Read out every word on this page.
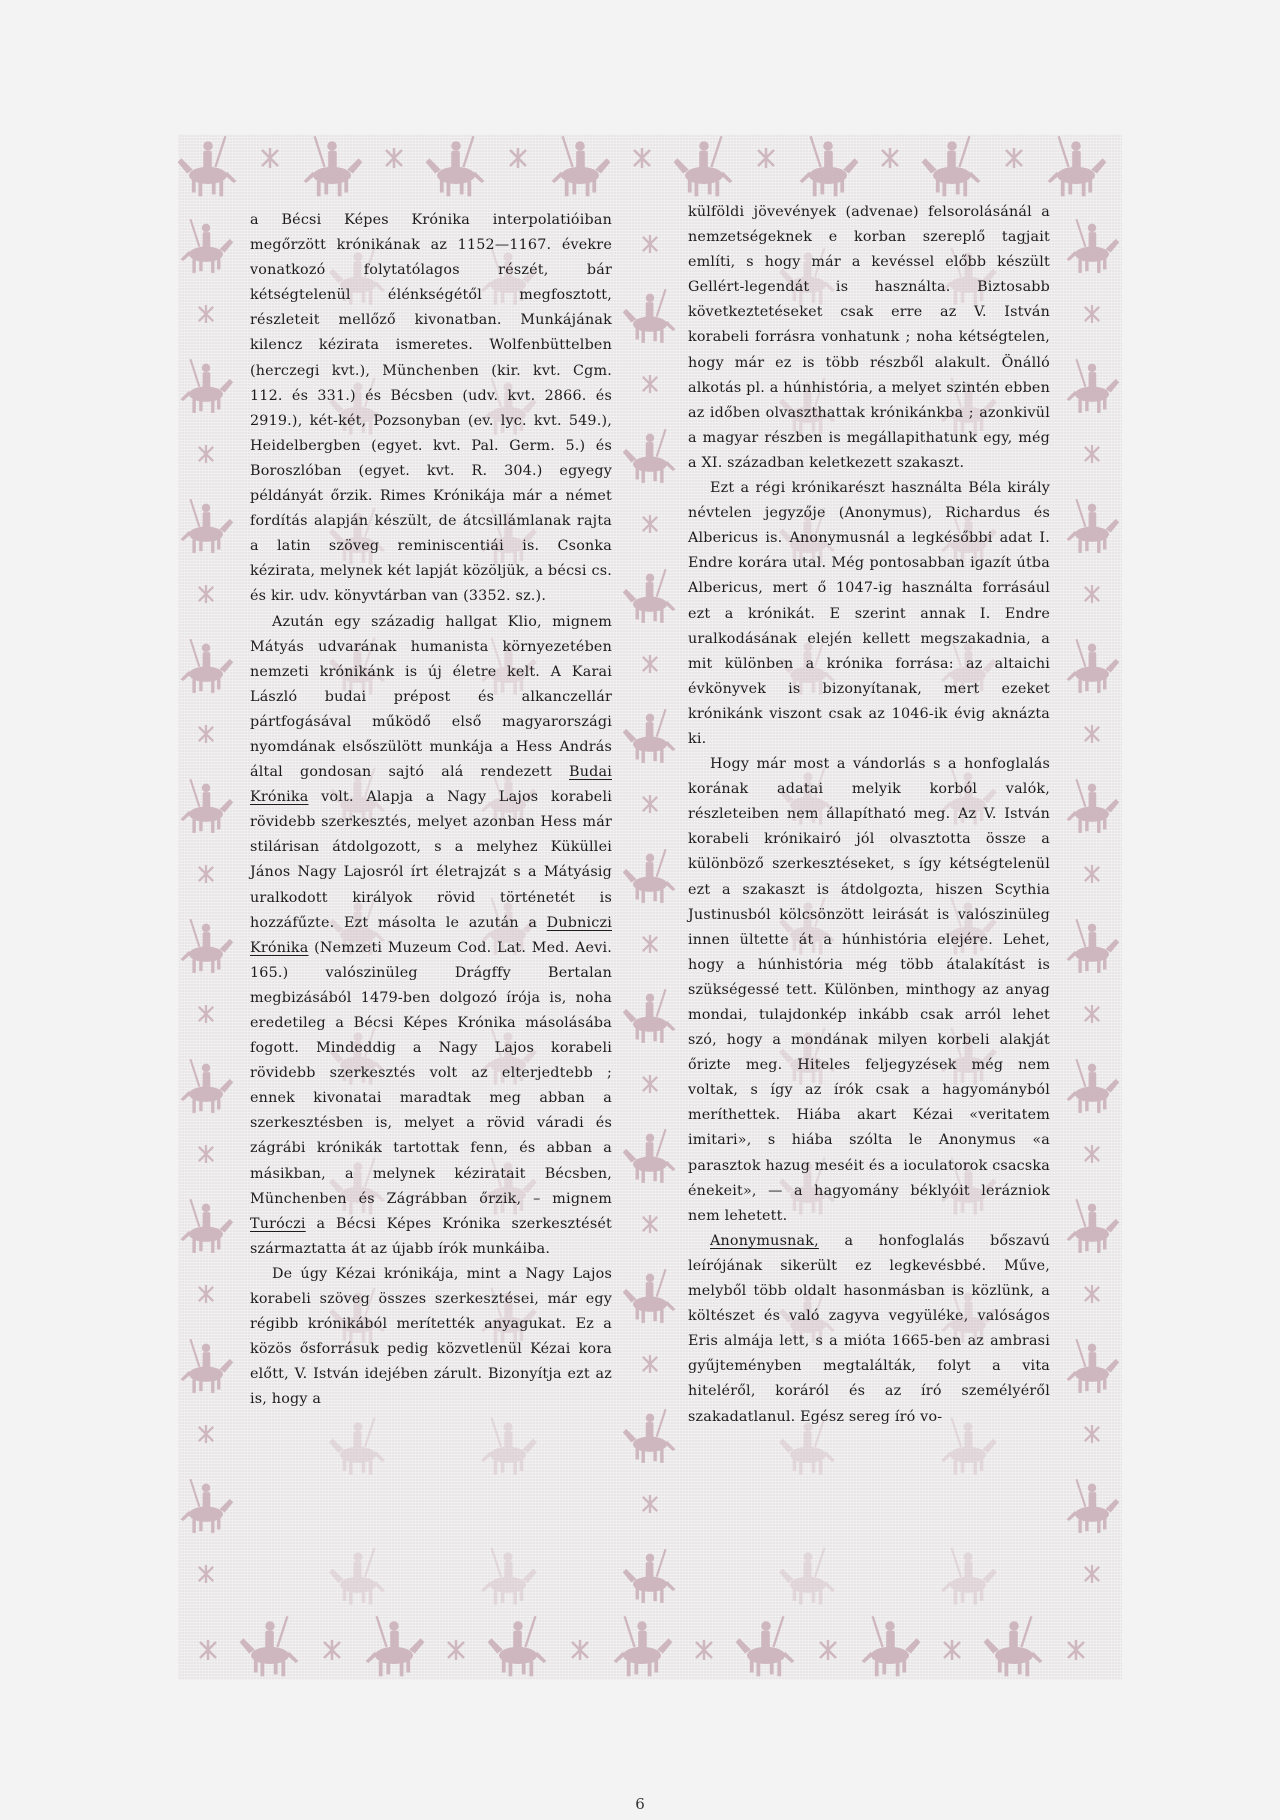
a Bécsi Képes Krónika interpolatióiban megőrzött krónikának az 1152—1167. évekre vonatkozó folytatólagos részét, bár kétségtelenül élénkségétől megfosztott, részleteit mellőző kivonatban. Munkájának kilencz kézirata ismeretes. Wolfenbüttelben (herczegi kvt.), Münchenben (kir. kvt. Cgm. 112. és 331.) és Bécsben (udv. kvt. 2866. és 2919.), két-két, Pozsonyban (ev. lyc. kvt. 549.), Heidelbergben (egyet. kvt. Pal. Germ. 5.) és Boroszlóban (egyet. kvt. R. 304.) egyegy példányát őrzik. Rimes Krónikája már a német fordítás alapján készült, de átcsillámlanak rajta a latin szöveg reminiscentiái is. Csonka kézirata, melynek két lapját közöljük, a bécsi cs. és kir. udv. könyvtárban van (3352. sz.).

Azután egy századig hallgat Klio, mignem Mátyás udvarának humanista környezetében nemzeti krónikánk is új életre kelt. A Karai László budai prépost és alkanczellár pártfogásával működő első magyarországi nyomdának elsőszülött munkája a Hess András által gondosan sajtó alá rendezett Budai Krónika volt. Alapja a Nagy Lajos korabeli rövidebb szerkesztés, melyet azonban Hess már stilárisan átdolgozott, s a melyhez Küküllei János Nagy Lajosról írt életrajzát s a Mátyásig uralkodott királyok rövid történetét is hozzáfűzte. Ezt másolta le azután a Dubniczi Krónika (Nemzeti Muzeum Cod. Lat. Med. Aevi. 165.) valószinüleg Drágffy Bertalan megbizásából 1479-ben dolgozó írója is, noha eredetileg a Bécsi Képes Krónika másolásába fogott. Mindeddig a Nagy Lajos korabeli rövidebb szerkesztés volt az elterjedtebb ; ennek kivonatai maradtak meg abban a szerkesztésben is, melyet a rövid váradi és zágrábi krónikák tartottak fenn, és abban a másikban, a melynek kéziratait Bécsben, Münchenben és Zágrábban őrzik, – mignem Turóczi a Bécsi Képes Krónika szerkesztését származtatta át az újabb írók munkáiba.

De úgy Kézai krónikája, mint a Nagy Lajos korabeli szöveg összes szerkesztései, már egy régibb krónikából merítették anyagukat. Ez a közös ősforrásuk pedig közvetlenül Kézai kora előtt, V. István idejében zárult. Bizonyítja ezt az is, hogy a

külföldi jövevények (advenae) felsorolásánál a nemzetségeknek e korban szereplő tagjait említi, s hogy már a kevéssel előbb készült Gellért-legendát is használta. Biztosabb következtetéseket csak erre az V. István korabeli forrásra vonhatunk ; noha kétségtelen, hogy már ez is több részből alakult. Önálló alkotás pl. a húnhistória, a melyet szintén ebben az időben olvaszthattak krónikánkba ; azonkivül a magyar részben is megállapithatunk egy, még a XI. században keletkezett szakaszt.

Ezt a régi krónikarészt használta Béla király névtelen jegyzője (Anonymus), Richardus és Albericus is. Anonymusnál a legkésőbbi adat I. Endre korára utal. Még pontosabban igazít útba Albericus, mert ő 1047-ig használta forrásául ezt a krónikát. E szerint annak I. Endre uralkodásának elején kellett megszakadnia, a mit különben a krónika forrása: az altaichi évkönyvek is bizonyítanak, mert ezeket krónikánk viszont csak az 1046-ik évig aknázta ki.

Hogy már most a vándorlás s a honfoglalás korának adatai melyik korból valók, részleteiben nem állapítható meg. Az V. István korabeli krónikairó jól olvasztotta össze a különböző szerkesztéseket, s így kétségtelenül ezt a szakaszt is átdolgozta, hiszen Scythia Justinusból kölcsönzött leirását is valószinüleg innen ültette át a húnhistória elejére. Lehet, hogy a húnhistória még több átalakítást is szükségessé tett. Különben, minthogy az anyag mondai, tulajdonkép inkább csak arról lehet szó, hogy a mondának milyen korbeli alakját őrizte meg. Hiteles feljegyzések még nem voltak, s így az írók csak a hagyományból meríthettek. Hiába akart Kézai «veritatem imitari», s hiába szólta le Anonymus «a parasztok hazug meséit és a ioculatorok csacska énekeit», — a hagyomány béklyóit lerázniok nem lehetett.

Anonymusnak, a honfoglalás bőszavú leírójának sikerült ez legkevésbbé. Műve, melyből több oldalt hasonmásban is közlünk, a költészet és való zagyva vegyüléke, valóságos Eris almája lett, s a mióta 1665-ben az ambrasi gyűjteményben megtalálták, folyt a vita hiteléről, koráról és az író személyéről szakadatlanul. Egész sereg író vo-

6
